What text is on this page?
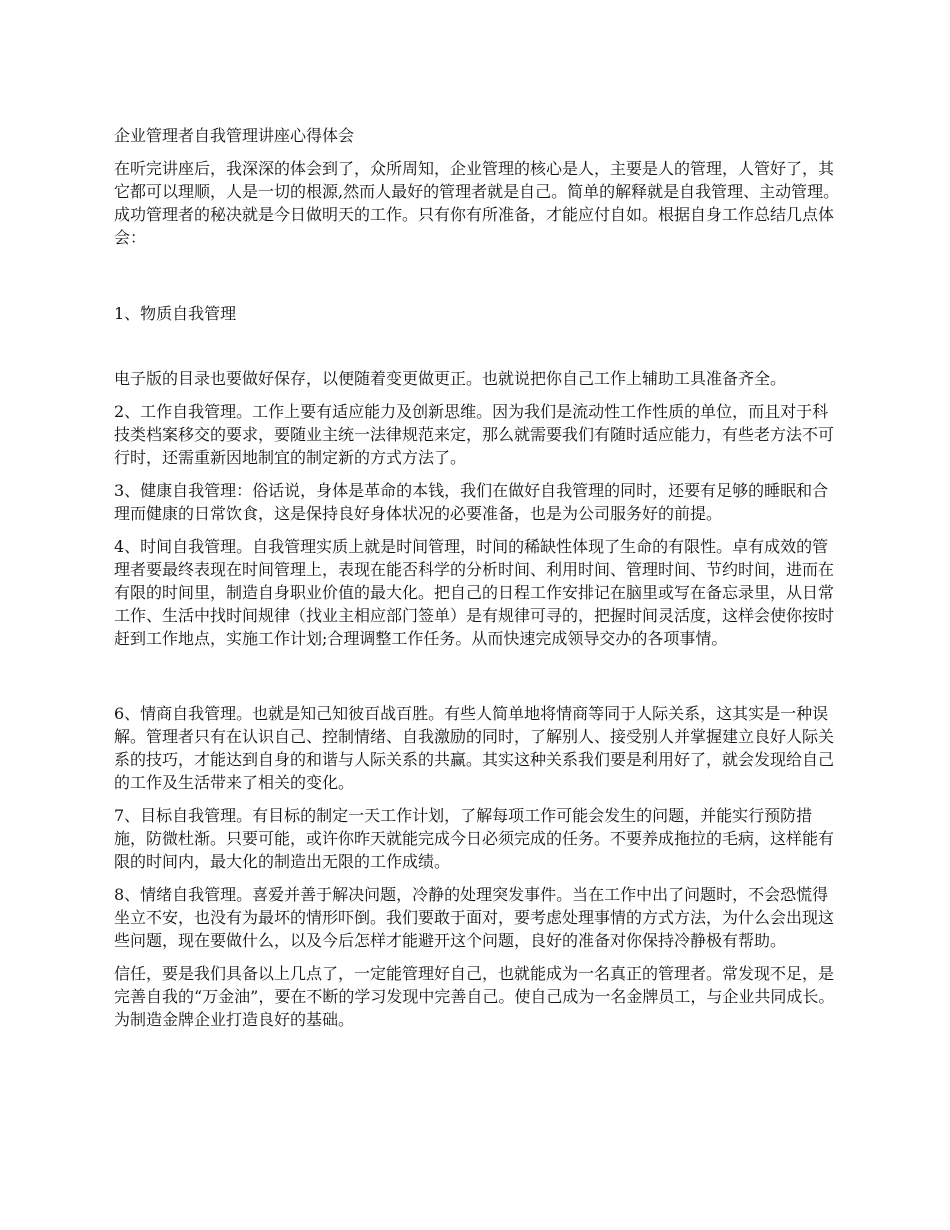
企业管理者自我管理讲座心得体会
在听完讲座后，我深深的体会到了，众所周知，企业管理的核心是人，主要是人的管理，人管好了，其它都可以理顺，人是一切的根源,然而人最好的管理者就是自己。简单的解释就是自我管理、主动管理。成功管理者的秘决就是今日做明天的工作。只有你有所准备，才能应付自如。根据自身工作总结几点体会：
1、物质自我管理
电子版的目录也要做好保存，以便随着变更做更正。也就说把你自己工作上辅助工具准备齐全。
2、工作自我管理。工作上要有适应能力及创新思维。因为我们是流动性工作性质的单位，而且对于科技类档案移交的要求，要随业主统一法律规范来定，那么就需要我们有随时适应能力，有些老方法不可行时，还需重新因地制宜的制定新的方式方法了。
3、健康自我管理：俗话说，身体是革命的本钱，我们在做好自我管理的同时，还要有足够的睡眠和合理而健康的日常饮食，这是保持良好身体状况的必要准备，也是为公司服务好的前提。
4、时间自我管理。自我管理实质上就是时间管理，时间的稀缺性体现了生命的有限性。卓有成效的管理者要最终表现在时间管理上，表现在能否科学的分析时间、利用时间、管理时间、节约时间，进而在有限的时间里，制造自身职业价值的最大化。把自己的日程工作安排记在脑里或写在备忘录里，从日常工作、生活中找时间规律（找业主相应部门签单）是有规律可寻的，把握时间灵活度，这样会使你按时赶到工作地点，实施工作计划;合理调整工作任务。从而快速完成领导交办的各项事情。
6、情商自我管理。也就是知己知彼百战百胜。有些人简单地将情商等同于人际关系，这其实是一种误解。管理者只有在认识自己、控制情绪、自我激励的同时，了解别人、接受别人并掌握建立良好人际关系的技巧，才能达到自身的和谐与人际关系的共赢。其实这种关系我们要是利用好了，就会发现给自己的工作及生活带来了相关的变化。
7、目标自我管理。有目标的制定一天工作计划，了解每项工作可能会发生的问题，并能实行预防措施，防微杜渐。只要可能，或许你昨天就能完成今日必须完成的任务。不要养成拖拉的毛病，这样能有限的时间内，最大化的制造出无限的工作成绩。
8、情绪自我管理。喜爱并善于解决问题，冷静的处理突发事件。当在工作中出了问题时，不会恐慌得坐立不安，也没有为最坏的情形吓倒。我们要敢于面对，要考虑处理事情的方式方法，为什么会出现这些问题，现在要做什么，以及今后怎样才能避开这个问题，良好的准备对你保持冷静极有帮助。
信任，要是我们具备以上几点了，一定能管理好自己，也就能成为一名真正的管理者。常发现不足，是完善自我的“万金油”，要在不断的学习发现中完善自己。使自己成为一名金牌员工，与企业共同成长。为制造金牌企业打造良好的基础。
